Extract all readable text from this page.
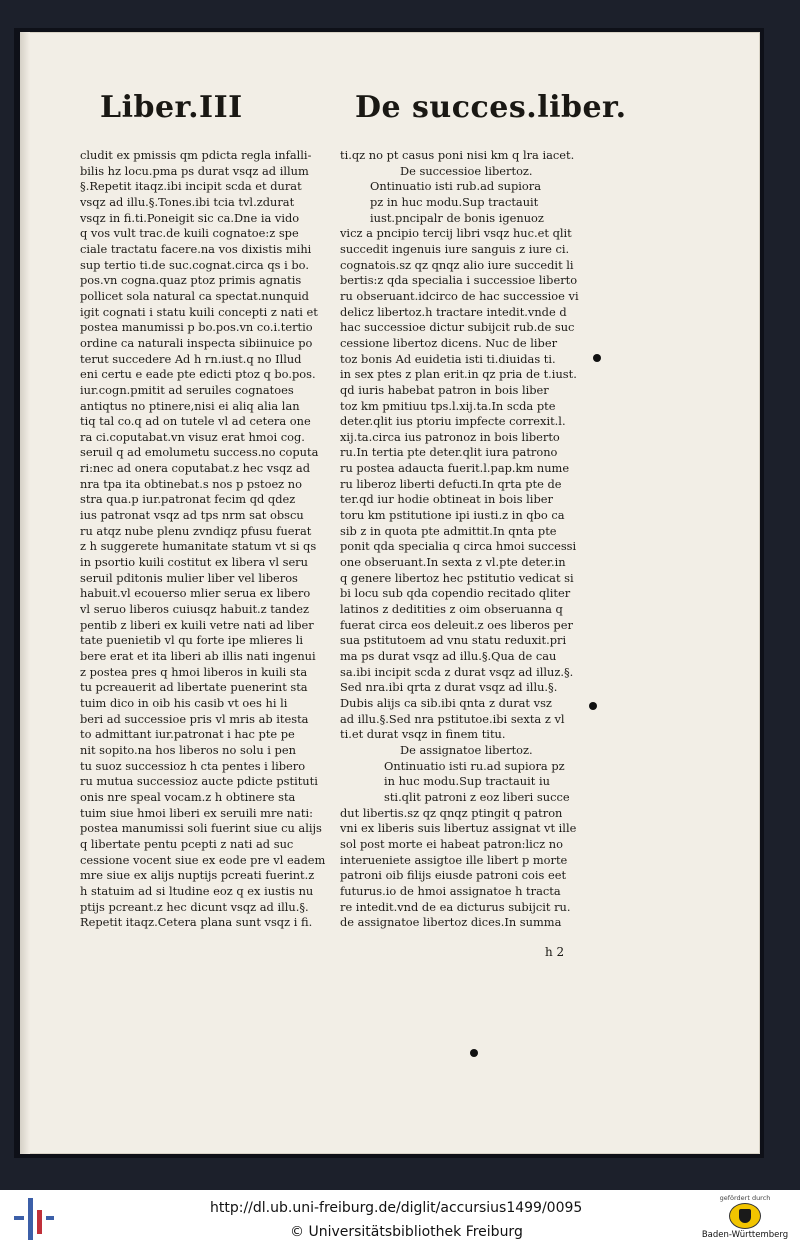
Liber.III	De succes.liber.
cludit ex pmissis qm pdicta regla infalli-
bilis hz locu.pma ps durat vsqz ad illum
§.Repetit itaqz.ibi incipit scda et durat
vsqz ad illu.§.Tones.ibi tcia tvl.zdurat
vsqz in fi.ti.Poneigit sic ca.Dne ia vido
q vos vult trac.de kuili cognatoe:z spe
ciale tractatu facere.na vos dixistis mihi
sup tertio ti.de suc.cognat.circa qs i bo.
pos.vn cogna.quaz ptoz primis agnatis
pollicet sola natural ca spectat.nunquid
igit cognati i statu kuili concepti z nati et
postea manumissi p bo.pos.vn co.i.tertio
ordine ca naturali inspecta sibiinuice po
terut succedere Ad h rn.iust.q no Illud
eni certu e eade pte edicti ptoz q bo.pos.
iur.cogn.pmitit ad seruiles cognatoes
antiqtus no ptinere,nisi ei aliq alia lan
tiq tal co.q ad on tutele vl ad cetera one
ra ci.coputabat.vn visuz erat hmoi cog.
seruil q ad emolumetu success.no coputa
ri:nec ad onera coputabat.z hec vsqz ad
nra tpa ita obtinebat.s nos p pstoez no
stra qua.p iur.patronat fecim qd qdez
ius patronat vsqz ad tps nrm sat obscu
ru atqz nube plenu zvndiqz pfusu fuerat
z h suggerete humanitate statum vt si qs
in psortio kuili costitut ex libera vl seru
seruil pditonis mulier liber vel liberos
habuit.vl ecouerso mlier serua ex libero
vl seruo liberos cuiusqz habuit.z tandez
pentib z liberi ex kuili vetre nati ad liber
tate puenietib vl qu forte ipe mlieres li
bere erat et ita liberi ab illis nati ingenui
z postea pres q hmoi liberos in kuili sta
tu pcreauerit ad libertate puenerint sta
tuim dico in oib his casib vt oes hi li
beri ad successioe pris vl mris ab itesta
to admittant iur.patronat i hac pte pe
nit sopito.na hos liberos no solu i pen
tu suoz successioz h cta pentes i libero
ru mutua successioz aucte pdicte pstituti
onis nre speal vocam.z h obtinere sta
tuim siue hmoi liberi ex seruili mre nati:
postea manumissi soli fuerint siue cu alijs
q libertate pentu pcepti z nati ad suc
cessione vocent siue ex eode pre vl eadem
mre siue ex alijs nuptijs pcreati fuerint.z
h statuim ad si ltudine eoz q ex iustis nu
ptijs pcreant.z hec dicunt vsqz ad illu.§.
Repetit itaqz.Cetera plana sunt vsqz i fi.
ti.qz no pt casus poni nisi km q lra iacet.
De successioe libertoz.
Ontinuatio isti rub.ad supiora
pz in huc modu.Sup tractauit
iust.pncipalr de bonis igenuoz
vicz a pncipio tercij libri vsqz huc.et qlit
succedit ingenuis iure sanguis z iure ci.
cognatois.sz qz qnqz alio iure succedit li
bertis:z qda specialia i successioe liberto
ru obseruant.idcirco de hac successioe vi
delicz libertoz.h tractare intedit.vnde d
hac successioe dictur subijcit rub.de suc
cessione libertoz dicens. Nuc de liber
toz bonis Ad euidetia isti ti.diuidas ti.
in sex ptes z plan erit.in qz pria de t.iust.
qd iuris habebat patron in bois liber
toz km pmitiuu tps.l.xij.ta.In scda pte
deter.qlit ius ptoriu impfecte correxit.l.
xij.ta.circa ius patronoz in bois liberto
ru.In tertia pte deter.qlit iura patrono
ru postea adaucta fuerit.l.pap.km nume
ru liberoz liberti defucti.In qrta pte de
ter.qd iur hodie obtineat in bois liber
toru km pstitutione ipi iusti.z in qbo ca
sib z in quota pte admittit.In qnta pte
ponit qda specialia q circa hmoi successi
one obseruant.In sexta z vl.pte deter.in
q genere libertoz hec pstitutio vedicat si
bi locu sub qda copendio recitado qliter
latinos z deditities z oim obseruanna q
fuerat circa eos deleuit.z oes liberos per
sua pstitutoem ad vnu statu reduxit.pri
ma ps durat vsqz ad illu.§.Qua de cau
sa.ibi incipit scda z durat vsqz ad illuz.§.
Sed nra.ibi qrta z durat vsqz ad illu.§.
Dubis alijs ca sib.ibi qnta z durat vsz
ad illu.§.Sed nra pstitutoe.ibi sexta z vl
ti.et durat vsqz in finem titu.
De assignatoe libertoz.
Ontinuatio isti ru.ad supiora pz
in huc modu.Sup tractauit iu
sti.qlit patroni z eoz liberi succe
dut libertis.sz qz qnqz ptingit q patron
vni ex liberis suis libertuz assignat vt ille
sol post morte ei habeat patron:licz no
interueniete assigtoe ille libert p morte
patroni oib filijs eiusde patroni cois eet
futurus.io de hmoi assignatoe h tracta
re intedit.vnd de ea dicturus subijcit ru.
de assignatoe libertoz dices.In summa
h 2
http://dl.ub.uni-freiburg.de/diglit/accursius1499/0095
© Universitätsbibliothek Freiburg
gefördert durch
Baden-Württemberg
